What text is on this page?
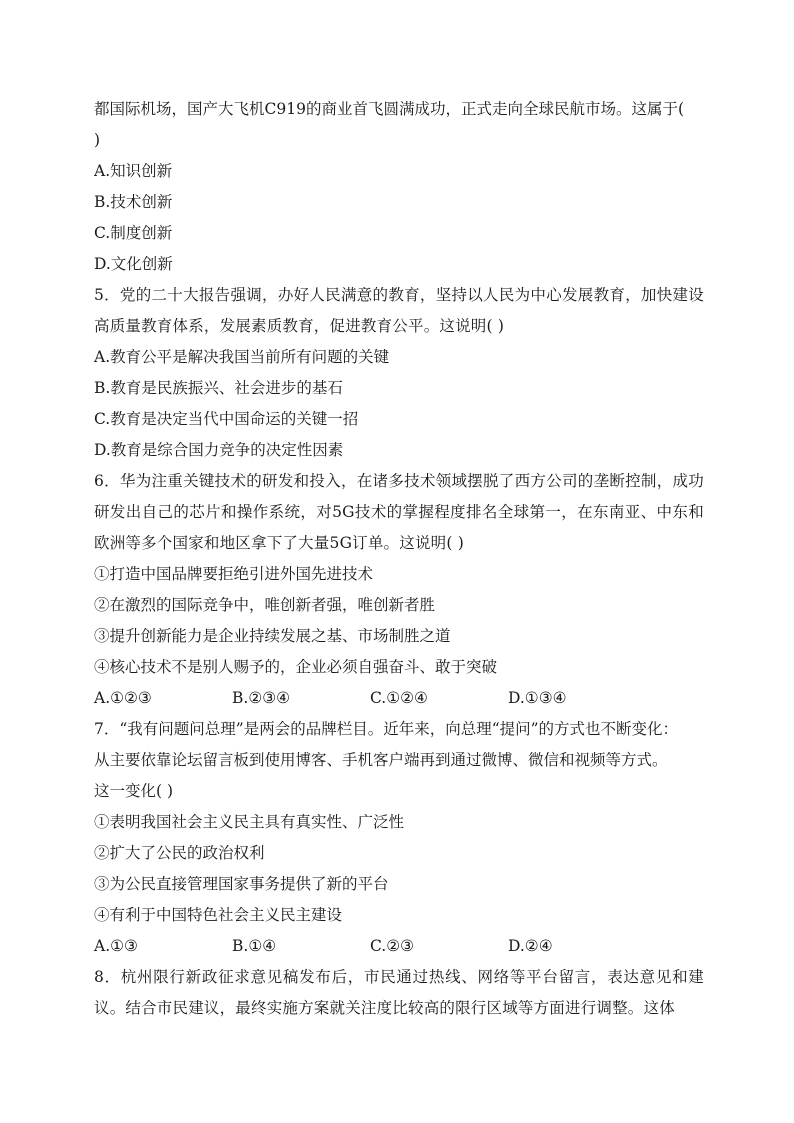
都国际机场，国产大飞机C919的商业首飞圆满成功，正式走向全球民航市场。这属于(
)
A.知识创新
B.技术创新
C.制度创新
D.文化创新
5．党的二十大报告强调，办好人民满意的教育，坚持以人民为中心发展教育，加快建设高质量教育体系，发展素质教育，促进教育公平。这说明( )
A.教育公平是解决我国当前所有问题的关键
B.教育是民族振兴、社会进步的基石
C.教育是决定当代中国命运的关键一招
D.教育是综合国力竞争的决定性因素
6．华为注重关键技术的研发和投入，在诸多技术领域摆脱了西方公司的垄断控制，成功研发出自己的芯片和操作系统，对5G技术的掌握程度排名全球第一，在东南亚、中东和欧洲等多个国家和地区拿下了大量5G订单。这说明( )
①打造中国品牌要拒绝引进外国先进技术
②在激烈的国际竞争中，唯创新者强，唯创新者胜
③提升创新能力是企业持续发展之基、市场制胜之道
④核心技术不是别人赐予的，企业必须自强奋斗、敢于突破
A.①②③	B.②③④	C.①②④	D.①③④
7．“我有问题问总理”是两会的品牌栏目。近年来，向总理“提问”的方式也不断变化：
从主要依靠论坛留言板到使用博客、手机客户端再到通过微博、微信和视频等方式。
这一变化( )
①表明我国社会主义民主具有真实性、广泛性
②扩大了公民的政治权利
③为公民直接管理国家事务提供了新的平台
④有利于中国特色社会主义民主建设
A.①③	B.①④	C.②③	D.②④
8．杭州限行新政征求意见稿发布后，市民通过热线、网络等平台留言，表达意见和建议。结合市民建议，最终实施方案就关注度比较高的限行区域等方面进行调整。这体
